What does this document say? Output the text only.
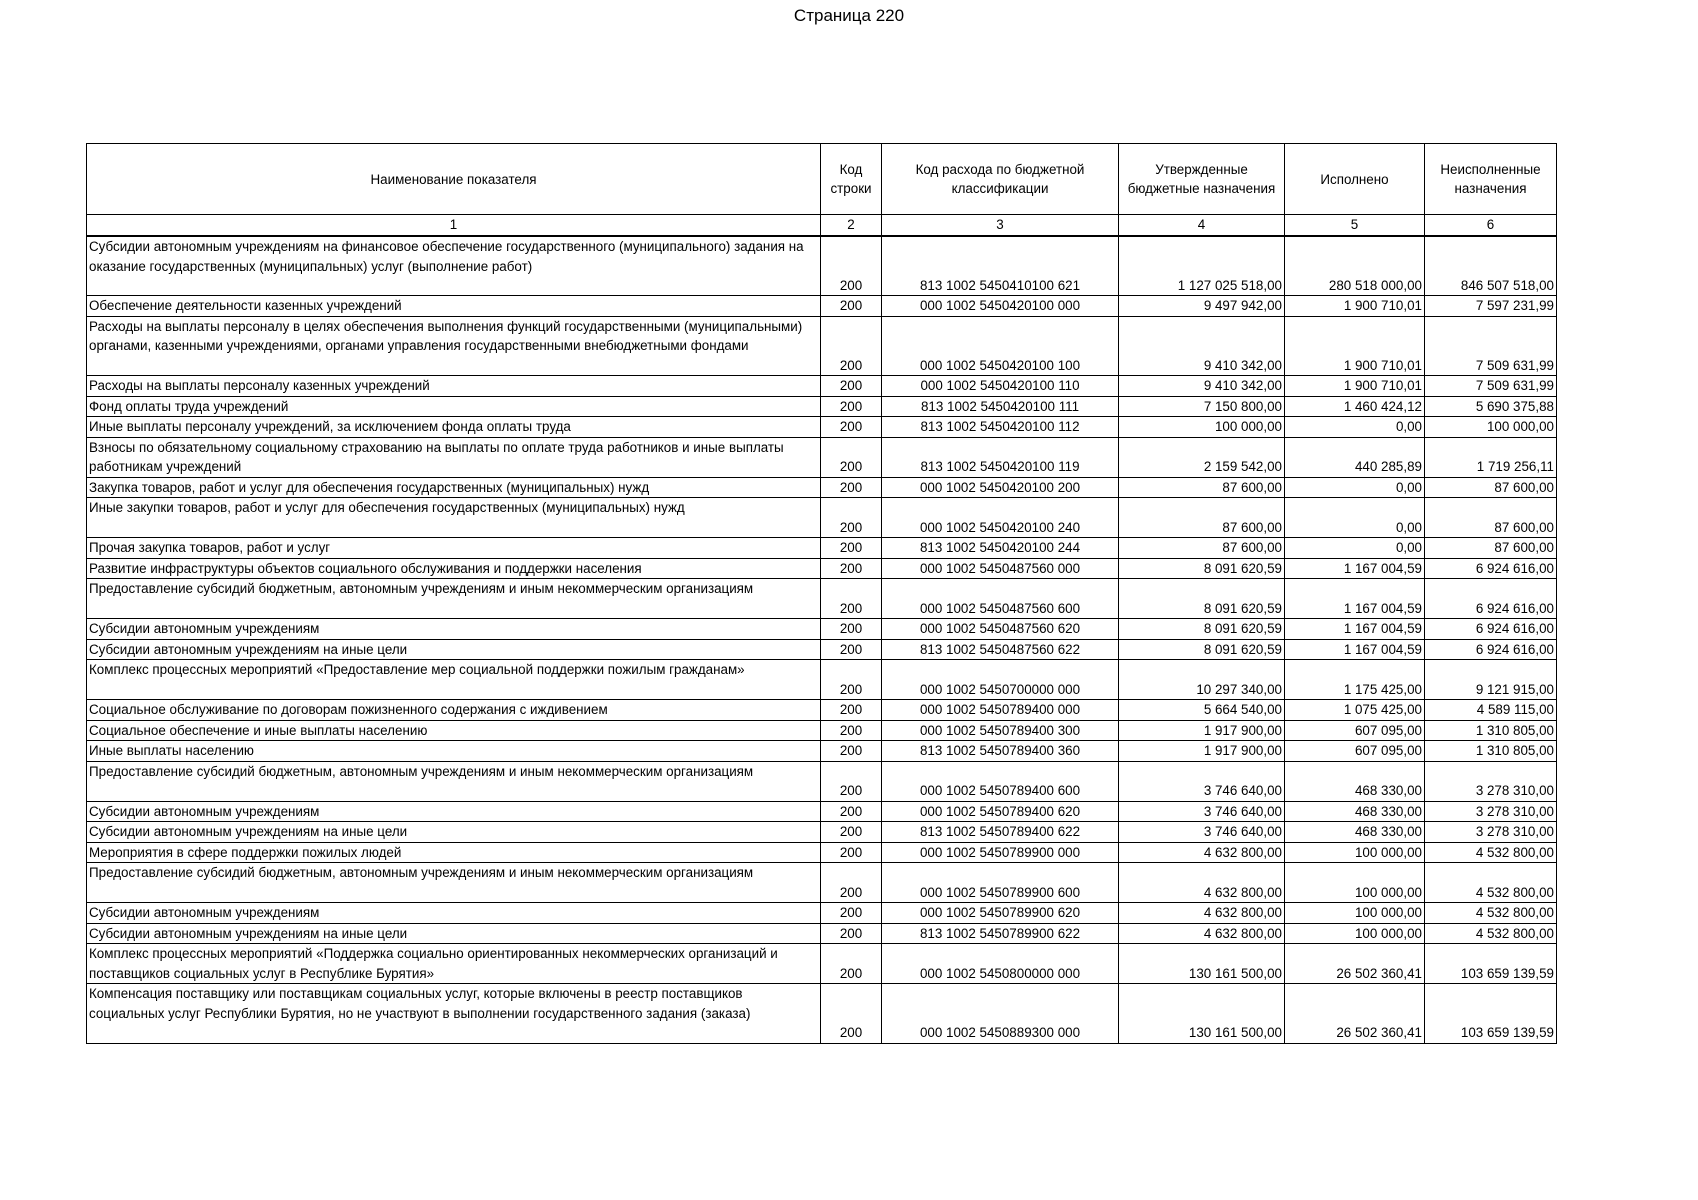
Страница 220
Наименование показателя	Код строки	Код расхода по бюджетной классификации	Утвержденные бюджетные назначения	Исполнено	Неисполненные назначения
1	2	3	4	5	6
Субсидии автономным учреждениям на финансовое обеспечение государственного (муниципального) задания на оказание государственных (муниципальных) услуг (выполнение работ)	200	813 1002 5450410100 621	1 127 025 518,00	280 518 000,00	846 507 518,00
Обеспечение деятельности казенных учреждений	200	000 1002 5450420100 000	9 497 942,00	1 900 710,01	7 597 231,99
Расходы на выплаты персоналу в целях обеспечения выполнения функций государственными (муниципальными) органами, казенными учреждениями, органами управления государственными внебюджетными фондами	200	000 1002 5450420100 100	9 410 342,00	1 900 710,01	7 509 631,99
Расходы на выплаты персоналу казенных учреждений	200	000 1002 5450420100 110	9 410 342,00	1 900 710,01	7 509 631,99
Фонд оплаты труда учреждений	200	813 1002 5450420100 111	7 150 800,00	1 460 424,12	5 690 375,88
Иные выплаты персоналу учреждений, за исключением фонда оплаты труда	200	813 1002 5450420100 112	100 000,00	0,00	100 000,00
Взносы по обязательному социальному страхованию на выплаты по оплате труда работников и иные выплаты работникам учреждений	200	813 1002 5450420100 119	2 159 542,00	440 285,89	1 719 256,11
Закупка товаров, работ и услуг для обеспечения государственных (муниципальных) нужд	200	000 1002 5450420100 200	87 600,00	0,00	87 600,00
Иные закупки товаров, работ и услуг для обеспечения государственных (муниципальных) нужд	200	000 1002 5450420100 240	87 600,00	0,00	87 600,00
Прочая закупка товаров, работ и услуг	200	813 1002 5450420100 244	87 600,00	0,00	87 600,00
Развитие инфраструктуры объектов социального обслуживания и поддержки населения	200	000 1002 5450487560 000	8 091 620,59	1 167 004,59	6 924 616,00
Предоставление субсидий бюджетным, автономным учреждениям и иным некоммерческим организациям	200	000 1002 5450487560 600	8 091 620,59	1 167 004,59	6 924 616,00
Субсидии автономным учреждениям	200	000 1002 5450487560 620	8 091 620,59	1 167 004,59	6 924 616,00
Субсидии автономным учреждениям на иные цели	200	813 1002 5450487560 622	8 091 620,59	1 167 004,59	6 924 616,00
Комплекс процессных мероприятий «Предоставление мер социальной поддержки пожилым гражданам»	200	000 1002 5450700000 000	10 297 340,00	1 175 425,00	9 121 915,00
Социальное обслуживание по договорам пожизненного содержания с иждивением	200	000 1002 5450789400 000	5 664 540,00	1 075 425,00	4 589 115,00
Социальное обеспечение и иные выплаты населению	200	000 1002 5450789400 300	1 917 900,00	607 095,00	1 310 805,00
Иные выплаты населению	200	813 1002 5450789400 360	1 917 900,00	607 095,00	1 310 805,00
Предоставление субсидий бюджетным, автономным учреждениям и иным некоммерческим организациям	200	000 1002 5450789400 600	3 746 640,00	468 330,00	3 278 310,00
Субсидии автономным учреждениям	200	000 1002 5450789400 620	3 746 640,00	468 330,00	3 278 310,00
Субсидии автономным учреждениям на иные цели	200	813 1002 5450789400 622	3 746 640,00	468 330,00	3 278 310,00
Мероприятия в сфере поддержки пожилых людей	200	000 1002 5450789900 000	4 632 800,00	100 000,00	4 532 800,00
Предоставление субсидий бюджетным, автономным учреждениям и иным некоммерческим организациям	200	000 1002 5450789900 600	4 632 800,00	100 000,00	4 532 800,00
Субсидии автономным учреждениям	200	000 1002 5450789900 620	4 632 800,00	100 000,00	4 532 800,00
Субсидии автономным учреждениям на иные цели	200	813 1002 5450789900 622	4 632 800,00	100 000,00	4 532 800,00
Комплекс процессных мероприятий «Поддержка социально ориентированных некоммерческих организаций и поставщиков социальных услуг в Республике Бурятия»	200	000 1002 5450800000 000	130 161 500,00	26 502 360,41	103 659 139,59
Компенсация поставщику или поставщикам социальных услуг, которые включены в реестр поставщиков социальных услуг Республики Бурятия, но не участвуют в выполнении государственного задания (заказа)	200	000 1002 5450889300 000	130 161 500,00	26 502 360,41	103 659 139,59
